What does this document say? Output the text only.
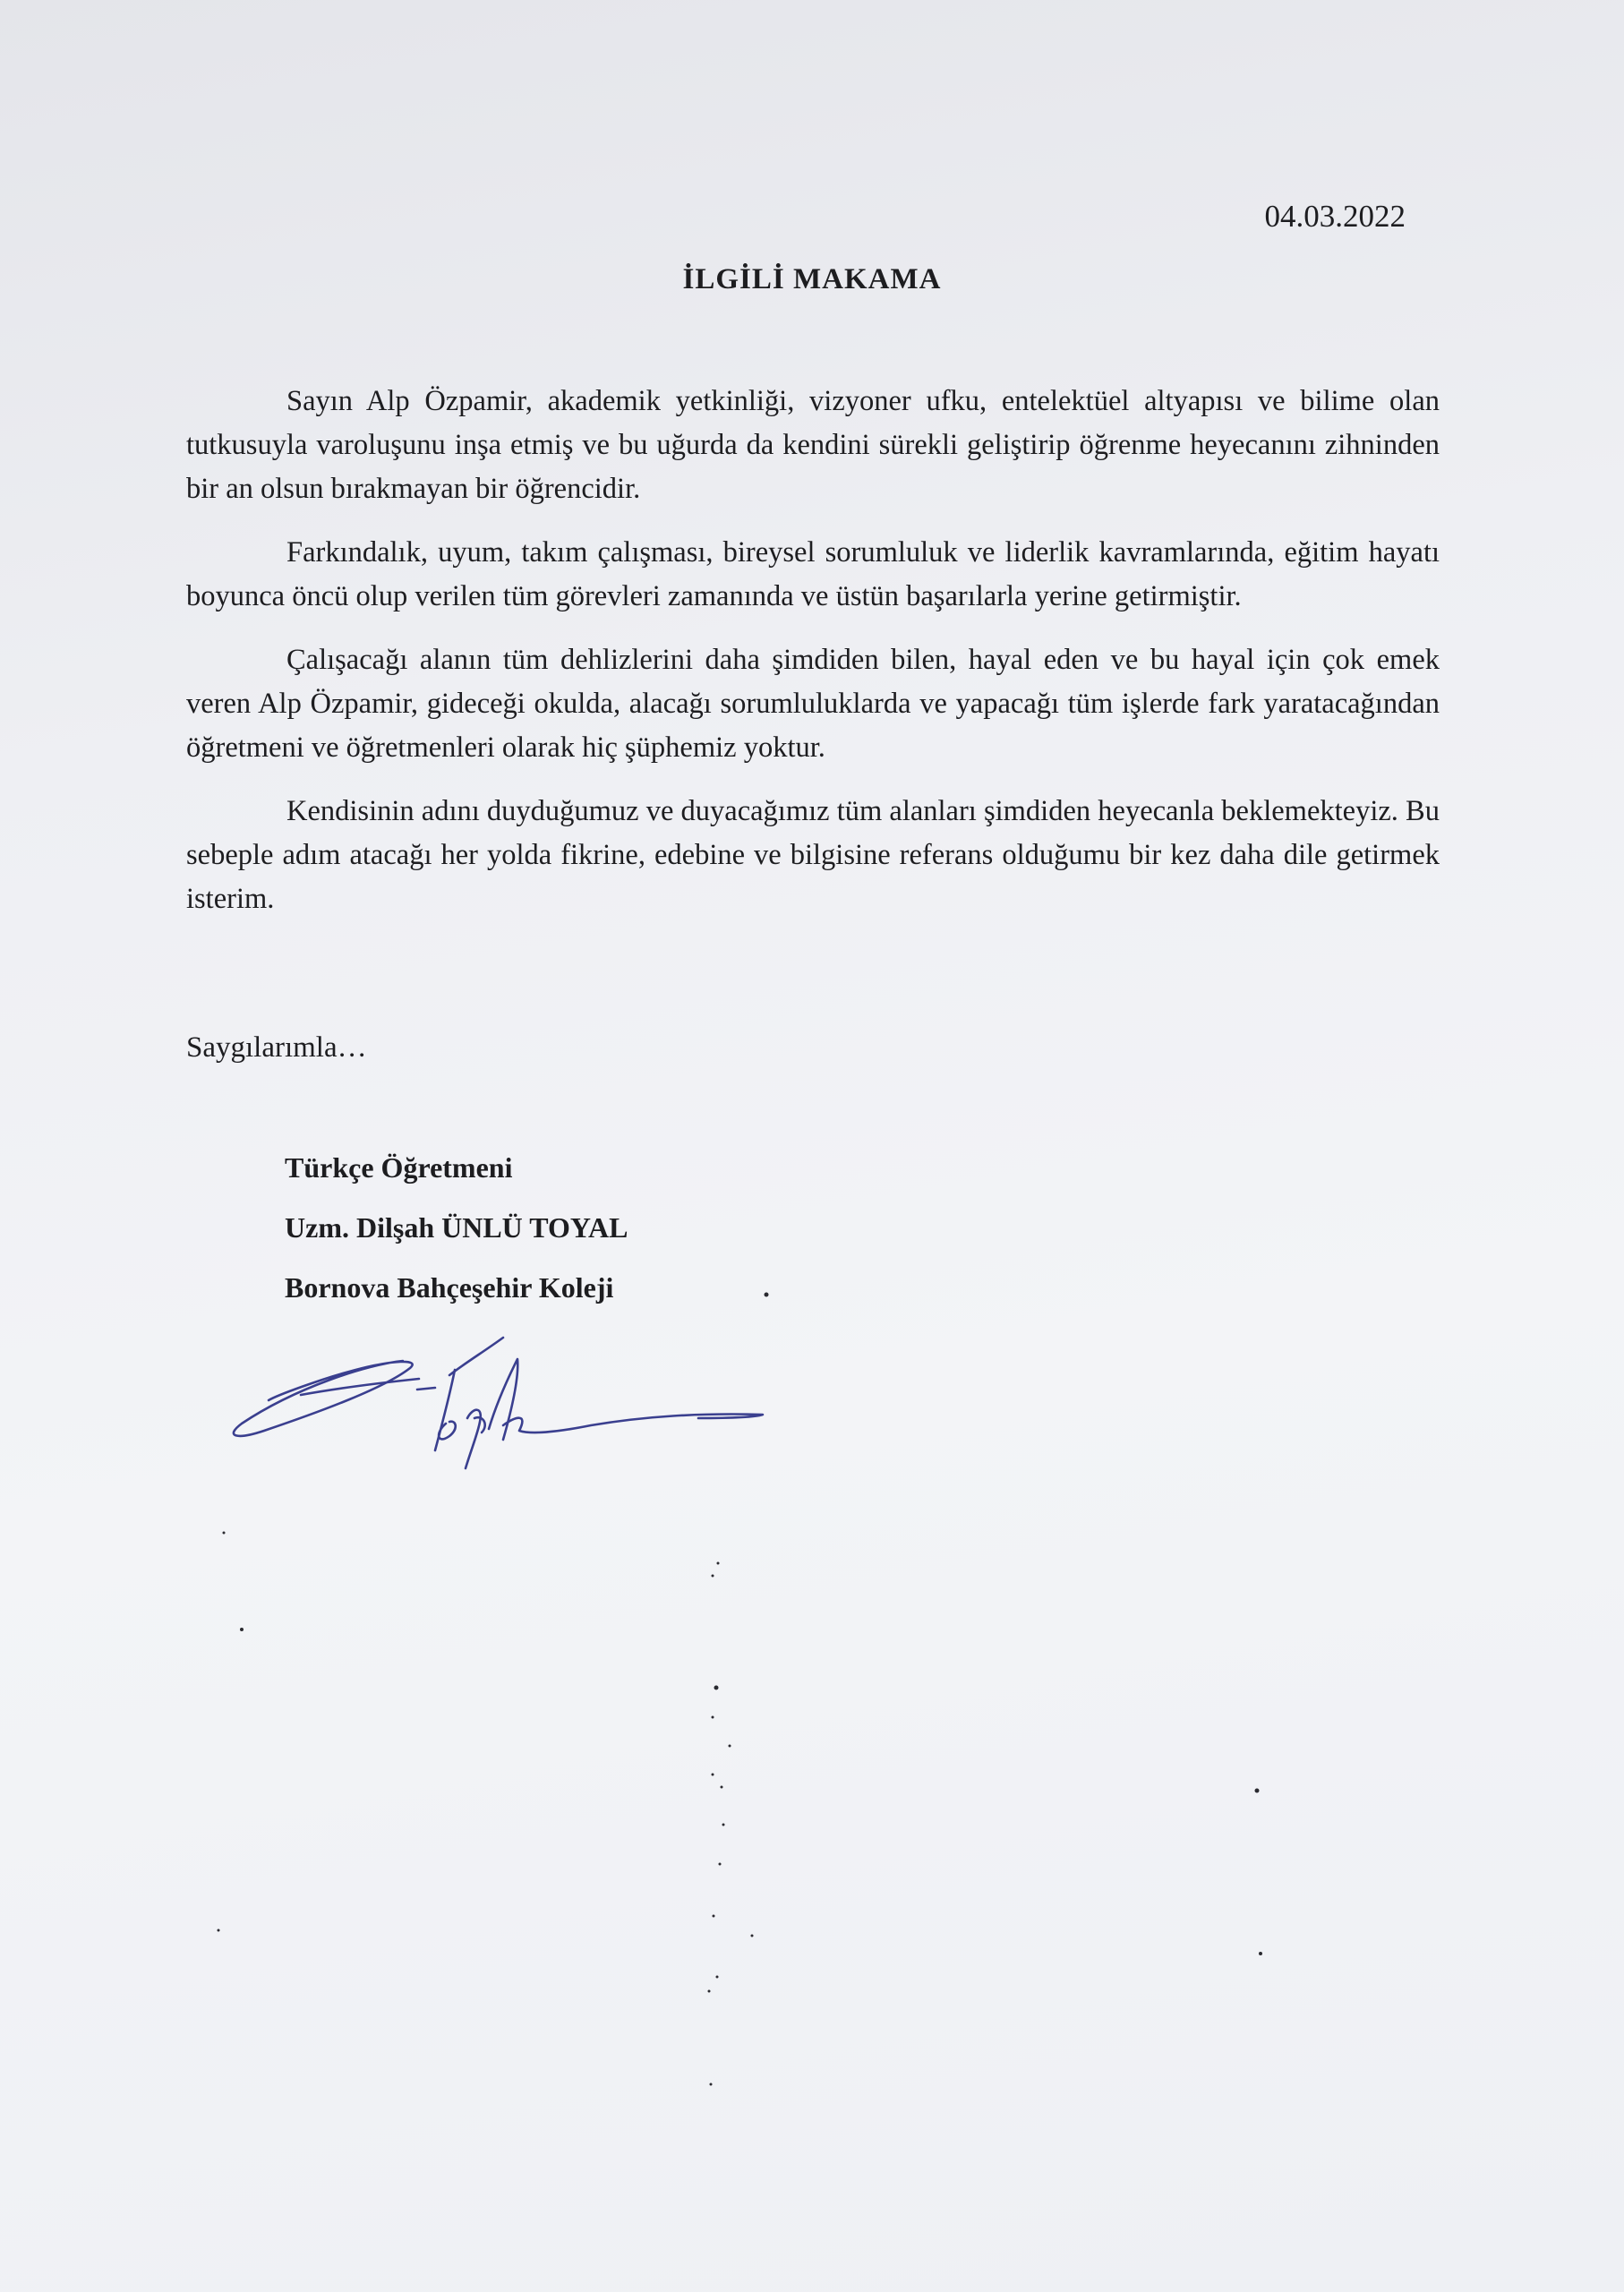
04.03.2022
İLGİLİ MAKAMA

Sayın Alp Özpamir, akademik yetkinliği, vizyoner ufku, entelektüel altyapısı ve bilime olan tutkusuyla varoluşunu inşa etmiş ve bu uğurda da kendini sürekli geliştirip öğrenme heyecanını zihninden bir an olsun bırakmayan bir öğrencidir.

Farkındalık, uyum, takım çalışması, bireysel sorumluluk ve liderlik kavramlarında, eğitim hayatı boyunca öncü olup verilen tüm görevleri zamanında ve üstün başarılarla yerine getirmiştir.

Çalışacağı alanın tüm dehlizlerini daha şimdiden bilen, hayal eden ve bu hayal için çok emek veren Alp Özpamir, gideceği okulda, alacağı sorumluluklarda ve yapacağı tüm işlerde fark yaratacağından öğretmeni ve öğretmenleri olarak hiç şüphemiz yoktur.

Kendisinin adını duyduğumuz ve duyacağımız tüm alanları şimdiden heyecanla beklemekteyiz. Bu sebeple adım atacağı her yolda fikrine, edebine ve bilgisine referans olduğumu bir kez daha dile getirmek isterim.

Saygılarımla…
Türkçe Öğretmeni
Uzm. Dilşah ÜNLÜ TOYAL
Bornova Bahçeşehir Koleji
